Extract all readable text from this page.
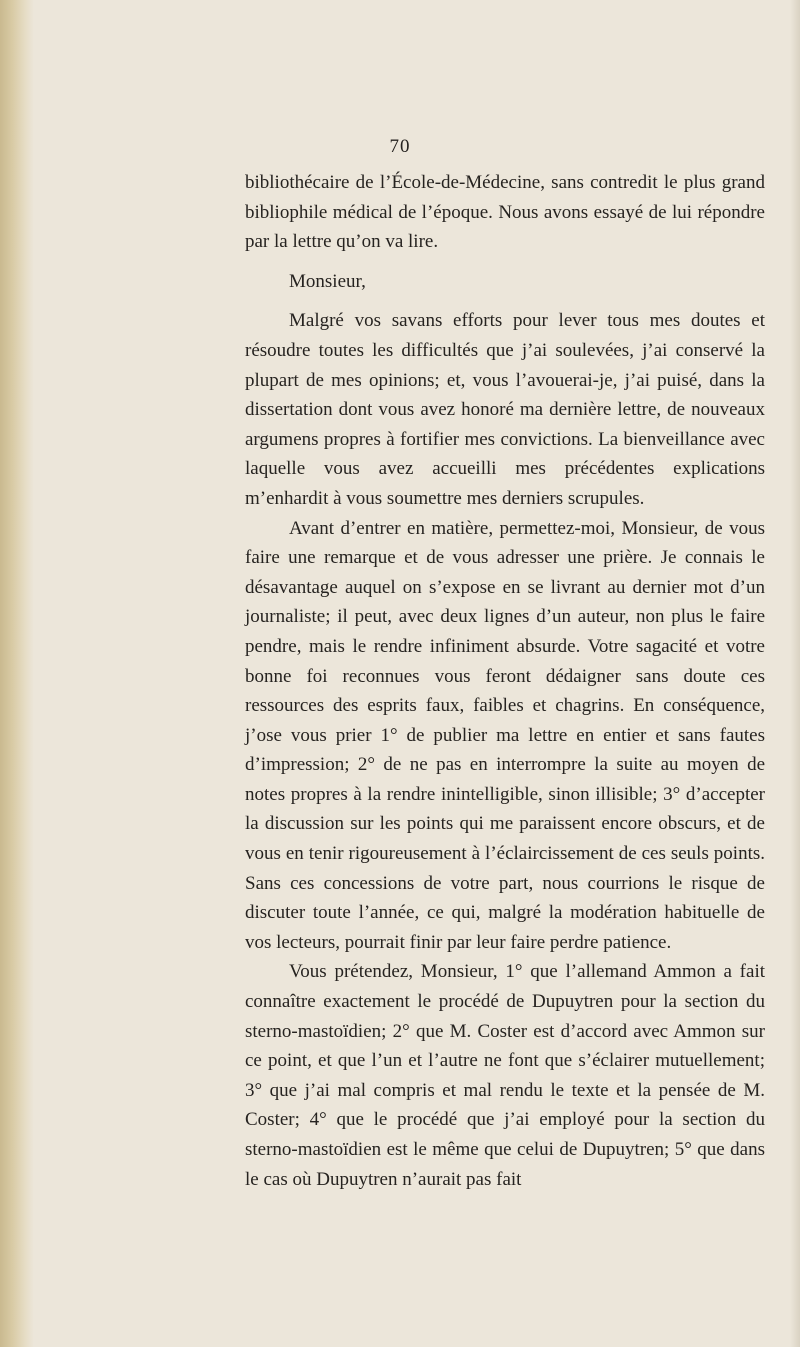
70

bibliothécaire de l’École-de-Médecine, sans contredit le plus grand bibliophile médical de l’époque. Nous avons essayé de lui répondre par la lettre qu’on va lire.

Monsieur,

Malgré vos savans efforts pour lever tous mes doutes et résoudre toutes les difficultés que j’ai soulevées, j’ai conservé la plupart de mes opinions; et, vous l’avouerai-je, j’ai puisé, dans la dissertation dont vous avez honoré ma dernière lettre, de nouveaux argumens propres à fortifier mes convictions. La bienveillance avec laquelle vous avez accueilli mes précédentes explications m’enhardit à vous soumettre mes derniers scrupules.

Avant d’entrer en matière, permettez-moi, Monsieur, de vous faire une remarque et de vous adresser une prière. Je connais le désavantage auquel on s’expose en se livrant au dernier mot d’un journaliste; il peut, avec deux lignes d’un auteur, non plus le faire pendre, mais le rendre infiniment absurde. Votre sagacité et votre bonne foi reconnues vous feront dédaigner sans doute ces ressources des esprits faux, faibles et chagrins. En conséquence, j’ose vous prier 1° de publier ma lettre en entier et sans fautes d’impression; 2° de ne pas en interrompre la suite au moyen de notes propres à la rendre inintelligible, sinon illisible; 3° d’accepter la discussion sur les points qui me paraissent encore obscurs, et de vous en tenir rigoureusement à l’éclaircissement de ces seuls points. Sans ces concessions de votre part, nous courrions le risque de discuter toute l’année, ce qui, malgré la modération habituelle de vos lecteurs, pourrait finir par leur faire perdre patience.

Vous prétendez, Monsieur, 1° que l’allemand Ammon a fait connaître exactement le procédé de Dupuytren pour la section du sterno-mastoïdien; 2° que M. Coster est d’accord avec Ammon sur ce point, et que l’un et l’autre ne font que s’éclairer mutuellement; 3° que j’ai mal compris et mal rendu le texte et la pensée de M. Coster; 4° que le procédé que j’ai employé pour la section du sterno-mastoïdien est le même que celui de Dupuytren; 5° que dans le cas où Dupuytren n’aurait pas fait
